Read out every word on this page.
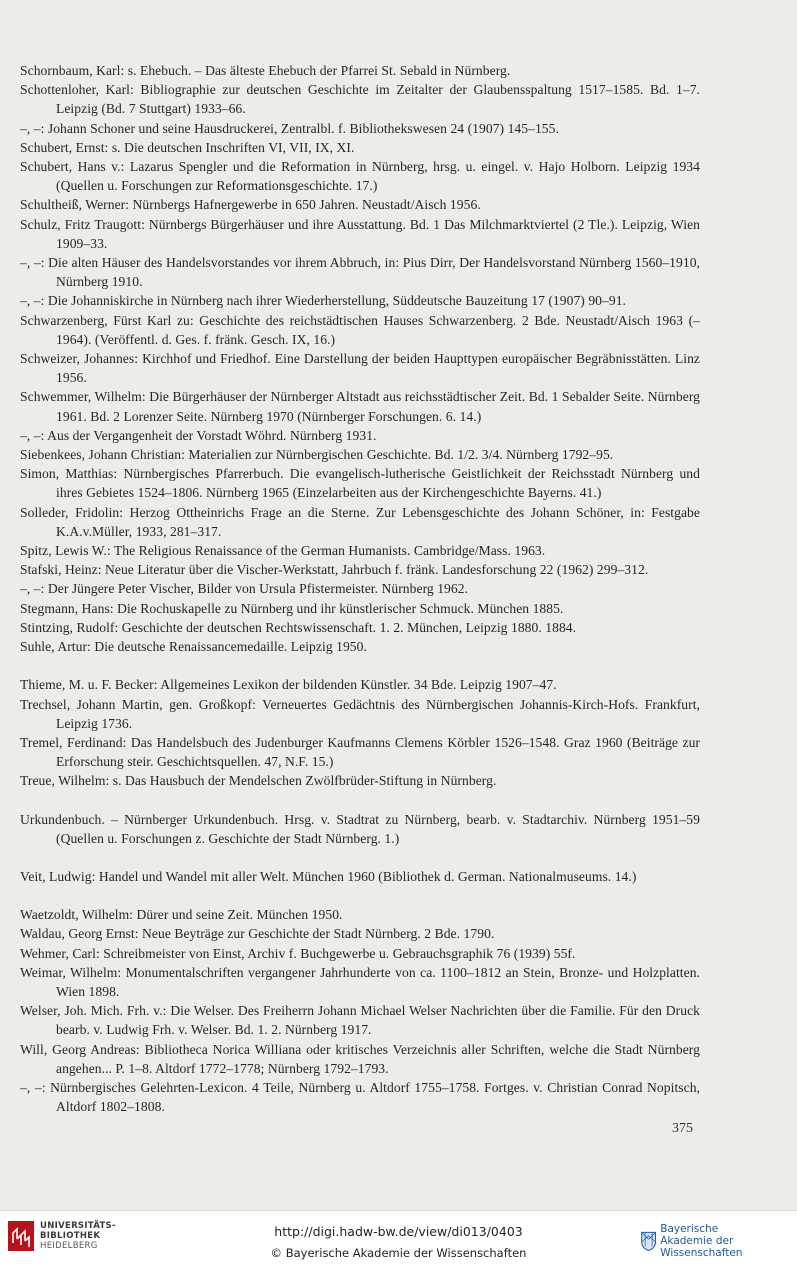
Schornbaum, Karl: s. Ehebuch. – Das älteste Ehebuch der Pfarrei St. Sebald in Nürnberg.

Schottenloher, Karl: Bibliographie zur deutschen Geschichte im Zeitalter der Glaubensspaltung 1517–1585. Bd. 1–7. Leipzig (Bd. 7 Stuttgart) 1933–66.

–, –: Johann Schoner und seine Hausdruckerei, Zentralbl. f. Bibliothekswesen 24 (1907) 145–155.

Schubert, Ernst: s. Die deutschen Inschriften VI, VII, IX, XI.

Schubert, Hans v.: Lazarus Spengler und die Reformation in Nürnberg, hrsg. u. eingel. v. Hajo Holborn. Leipzig 1934 (Quellen u. Forschungen zur Reformationsgeschichte. 17.)

Schultheiß, Werner: Nürnbergs Hafnergewerbe in 650 Jahren. Neustadt/Aisch 1956.

Schulz, Fritz Traugott: Nürnbergs Bürgerhäuser und ihre Ausstattung. Bd. 1 Das Milchmarktviertel (2 Tle.). Leipzig, Wien 1909–33.

–, –: Die alten Häuser des Handelsvorstandes vor ihrem Abbruch, in: Pius Dirr, Der Handelsvorstand Nürnberg 1560–1910, Nürnberg 1910.

–, –: Die Johanniskirche in Nürnberg nach ihrer Wiederherstellung, Süddeutsche Bauzeitung 17 (1907) 90–91.

Schwarzenberg, Fürst Karl zu: Geschichte des reichstädtischen Hauses Schwarzenberg. 2 Bde. Neustadt/Aisch 1963 (–1964). (Veröffentl. d. Ges. f. fränk. Gesch. IX, 16.)

Schweizer, Johannes: Kirchhof und Friedhof. Eine Darstellung der beiden Haupttypen europäischer Begräbnisstätten. Linz 1956.

Schwemmer, Wilhelm: Die Bürgerhäuser der Nürnberger Altstadt aus reichsstädtischer Zeit. Bd. 1 Sebalder Seite. Nürnberg 1961. Bd. 2 Lorenzer Seite. Nürnberg 1970 (Nürnberger Forschungen. 6. 14.)

–, –: Aus der Vergangenheit der Vorstadt Wöhrd. Nürnberg 1931.

Siebenkees, Johann Christian: Materialien zur Nürnbergischen Geschichte. Bd. 1/2. 3/4. Nürnberg 1792–95.

Simon, Matthias: Nürnbergisches Pfarrerbuch. Die evangelisch-lutherische Geistlichkeit der Reichsstadt Nürnberg und ihres Gebietes 1524–1806. Nürnberg 1965 (Einzelarbeiten aus der Kirchengeschichte Bayerns. 41.)

Solleder, Fridolin: Herzog Ottheinrichs Frage an die Sterne. Zur Lebensgeschichte des Johann Schöner, in: Festgabe K.A.v.Müller, 1933, 281–317.

Spitz, Lewis W.: The Religious Renaissance of the German Humanists. Cambridge/Mass. 1963.

Stafski, Heinz: Neue Literatur über die Vischer-Werkstatt, Jahrbuch f. fränk. Landesforschung 22 (1962) 299–312.

–, –: Der Jüngere Peter Vischer, Bilder von Ursula Pfistermeister. Nürnberg 1962.

Stegmann, Hans: Die Rochuskapelle zu Nürnberg und ihr künstlerischer Schmuck. München 1885.

Stintzing, Rudolf: Geschichte der deutschen Rechtswissenschaft. 1. 2. München, Leipzig 1880. 1884.

Suhle, Artur: Die deutsche Renaissancemedaille. Leipzig 1950.

Thieme, M. u. F. Becker: Allgemeines Lexikon der bildenden Künstler. 34 Bde. Leipzig 1907–47.

Trechsel, Johann Martin, gen. Großkopf: Verneuertes Gedächtnis des Nürnbergischen Johannis-Kirch-Hofs. Frankfurt, Leipzig 1736.

Tremel, Ferdinand: Das Handelsbuch des Judenburger Kaufmanns Clemens Körbler 1526–1548. Graz 1960 (Beiträge zur Erforschung steir. Geschichtsquellen. 47, N.F. 15.)

Treue, Wilhelm: s. Das Hausbuch der Mendelschen Zwölfbrüder-Stiftung in Nürnberg.

Urkundenbuch. – Nürnberger Urkundenbuch. Hrsg. v. Stadtrat zu Nürnberg, bearb. v. Stadtarchiv. Nürnberg 1951–59 (Quellen u. Forschungen z. Geschichte der Stadt Nürnberg. 1.)

Veit, Ludwig: Handel und Wandel mit aller Welt. München 1960 (Bibliothek d. German. Nationalmuseums. 14.)

Waetzoldt, Wilhelm: Dürer und seine Zeit. München 1950.

Waldau, Georg Ernst: Neue Beyträge zur Geschichte der Stadt Nürnberg. 2 Bde. 1790.

Wehmer, Carl: Schreibmeister von Einst, Archiv f. Buchgewerbe u. Gebrauchsgraphik 76 (1939) 55f.

Weimar, Wilhelm: Monumentalschriften vergangener Jahrhunderte von ca. 1100–1812 an Stein, Bronze- und Holzplatten. Wien 1898.

Welser, Joh. Mich. Frh. v.: Die Welser. Des Freiherrn Johann Michael Welser Nachrichten über die Familie. Für den Druck bearb. v. Ludwig Frh. v. Welser. Bd. 1. 2. Nürnberg 1917.

Will, Georg Andreas: Bibliotheca Norica Williana oder kritisches Verzeichnis aller Schriften, welche die Stadt Nürnberg angehen... P. 1–8. Altdorf 1772–1778; Nürnberg 1792–1793.

–, –: Nürnbergisches Gelehrten-Lexicon. 4 Teile, Nürnberg u. Altdorf 1755–1758. Fortges. v. Christian Conrad Nopitsch, Altdorf 1802–1808.

375
UNIVERSITÄTS-
BIBLIOTHEK
HEIDELBERG
http://digi.hadw-bw.de/view/di013/0403
© Bayerische Akademie der Wissenschaften
Bayerische
Akademie der Wissenschaften
